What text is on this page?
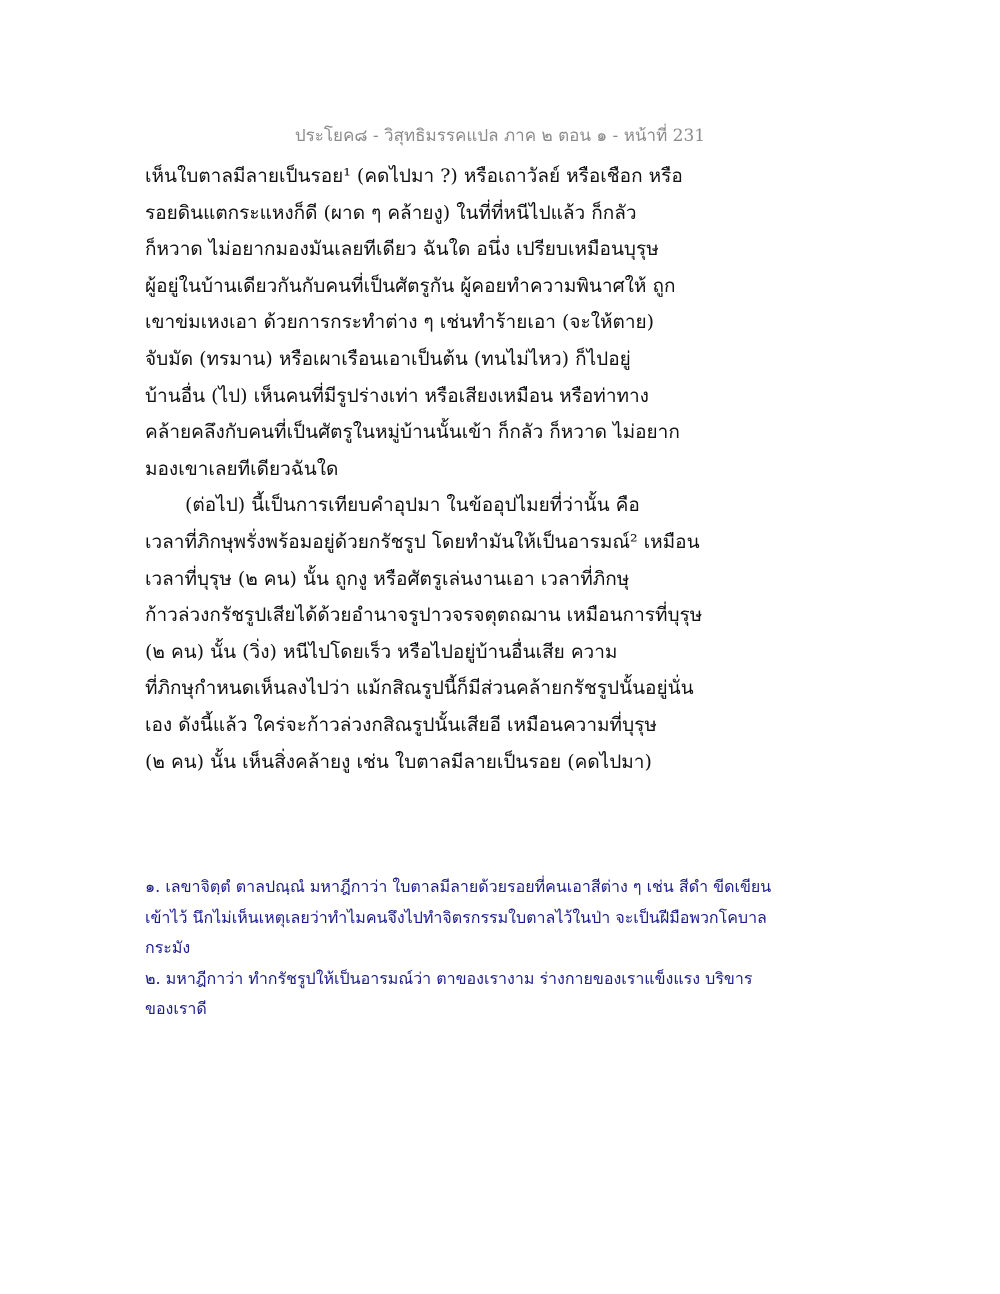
ประโยค๘ - วิสุทธิมรรคแปล ภาค ๒ ตอน ๑ - หน้าที่ 231
เห็นใบตาลมีลายเป็นรอย¹ (คดไปมา ?) หรือเถาวัลย์ หรือเชือก หรือ
รอยดินแตกระแหงก็ดี (ผาด ๆ คล้ายงู) ในที่ที่หนีไปแล้ว ก็กลัว
ก็หวาด ไม่อยากมองมันเลยทีเดียว ฉันใด อนึ่ง เปรียบเหมือนบุรุษ
ผู้อยู่ในบ้านเดียวกันกับคนที่เป็นศัตรูกัน ผู้คอยทำความพินาศให้ ถูก
เขาข่มเหงเอา ด้วยการกระทำต่าง ๆ เช่นทำร้ายเอา (จะให้ตาย)
จับมัด (ทรมาน) หรือเผาเรือนเอาเป็นต้น (ทนไม่ไหว) ก็ไปอยู่
บ้านอื่น (ไป) เห็นคนที่มีรูปร่างเท่า หรือเสียงเหมือน หรือท่าทาง
คล้ายคลึงกับคนที่เป็นศัตรูในหมู่บ้านนั้นเข้า ก็กลัว ก็หวาด ไม่อยาก
มองเขาเลยทีเดียวฉันใด
(ต่อไป) นี้เป็นการเทียบคำอุปมา ในข้ออุปไมยที่ว่านั้น คือ
เวลาที่ภิกษุพรั่งพร้อมอยู่ด้วยกรัชรูป โดยทำมันให้เป็นอารมณ์² เหมือน
เวลาที่บุรุษ (๒ คน) นั้น ถูกงู หรือศัตรูเล่นงานเอา เวลาที่ภิกษุ
ก้าวล่วงกรัชรูปเสียได้ด้วยอำนาจรูปาวจรจตุตถฌาน เหมือนการที่บุรุษ
(๒ คน) นั้น (วิ่ง) หนีไปโดยเร็ว หรือไปอยู่บ้านอื่นเสีย ความ
ที่ภิกษุกำหนดเห็นลงไปว่า แม้กสิณรูปนี้ก็มีส่วนคล้ายกรัชรูปนั้นอยู่นั่น
เอง ดังนี้แล้ว ใคร่จะก้าวล่วงกสิณรูปนั้นเสียอี เหมือนความที่บุรุษ
(๒ คน) นั้น เห็นสิ่งคล้ายงู เช่น ใบตาลมีลายเป็นรอย (คดไปมา)
๑. เลขาจิตฺตํ ตาลปณฺณํ มหาฎีกาว่า ใบตาลมีลายด้วยรอยที่คนเอาสีต่าง ๆ เช่น สีดำ ขีดเขียน
เข้าไว้ นึกไม่เห็นเหตุเลยว่าทำไมคนจึงไปทำจิตรกรรมใบตาลไว้ในป่า จะเป็นฝีมือพวกโคบาล
กระมัง
๒. มหาฎีกาว่า ทำกรัชรูปให้เป็นอารมณ์ว่า ตาของเรางาม ร่างกายของเราแข็งแรง บริขาร
ของเราดี
